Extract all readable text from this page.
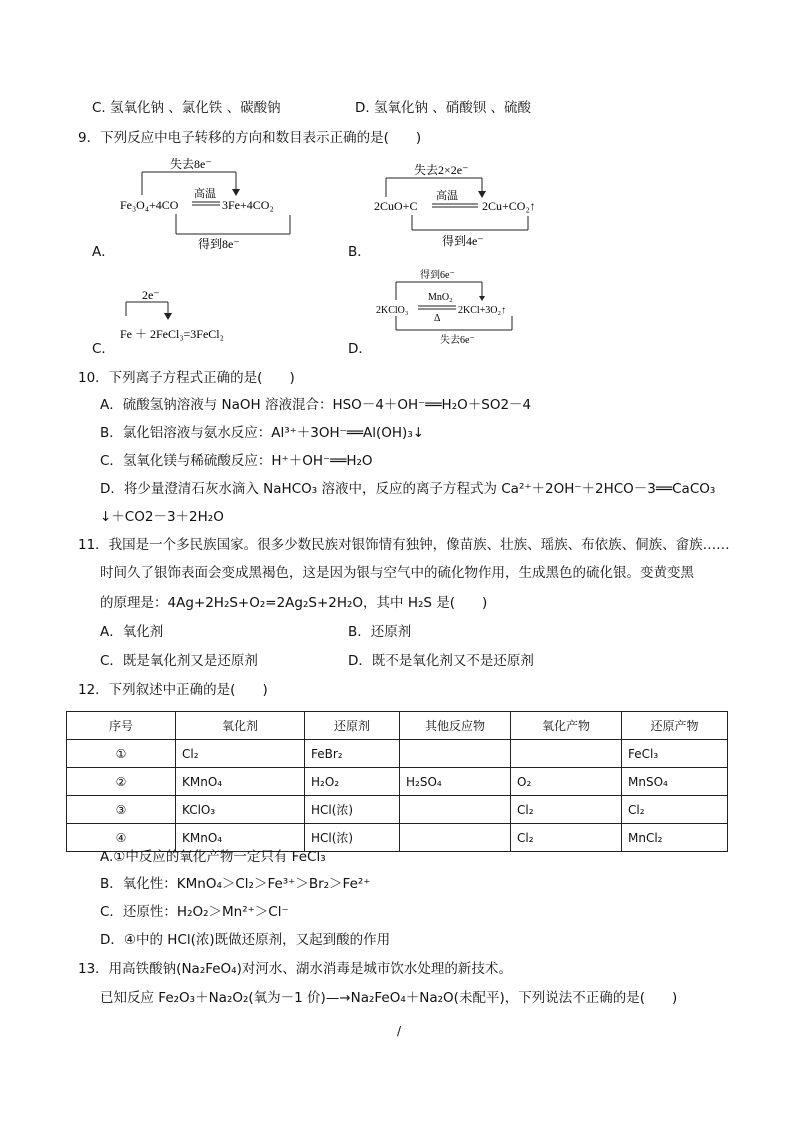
C. 氢氧化钠 、氯化铁 、碳酸钠	D. 氢氧化钠 、硝酸钡 、硫酸
9．下列反应中电子转移的方向和数目表示正确的是(　　)
失去8e⁻
Fe₃O₄+4CO
高温
3Fe+4CO₂
得到8e⁻
A．
失去2×2e⁻
2CuO+C
高温
2Cu+CO₂↑
得到4e⁻
B．
2e⁻
Fe ＋ 2FeCl₃=3FeCl₂
C．
得到6e⁻
2KClO₃
MnO₂
Δ
2KCl+3O₂↑
失去6e⁻
D．
10．下列离子方程式正确的是(　　)
A．硫酸氢钠溶液与 NaOH 溶液混合：HSO－4＋OH⁻══H₂O＋SO2－4
B．氯化铝溶液与氨水反应：Al³⁺＋3OH⁻══Al(OH)₃↓
C．氢氧化镁与稀硫酸反应：H⁺＋OH⁻══H₂O
D．将少量澄清石灰水滴入 NaHCO₃ 溶液中，反应的离子方程式为 Ca²⁺＋2OH⁻＋2HCO－3══CaCO₃
↓＋CO2－3＋2H₂O
11．我国是一个多民族国家。很多少数民族对银饰情有独钟，像苗族、壮族、瑶族、布依族、侗族、畲族……
时间久了银饰表面会变成黑褐色，这是因为银与空气中的硫化物作用，生成黑色的硫化银。变黄变黑
的原理是：4Ag+2H₂S+O₂=2Ag₂S+2H₂O，其中 H₂S 是(　　)
A．氧化剂	B．还原剂
C．既是氧化剂又是还原剂	D．既不是氧化剂又不是还原剂
12．下列叙述中正确的是(　　)
序号	氧化剂	还原剂	其他反应物	氧化产物	还原产物
①	Cl₂	FeBr₂			FeCl₃
②	KMnO₄	H₂O₂	H₂SO₄	O₂	MnSO₄
③	KClO₃	HCl(浓)		Cl₂	Cl₂
④	KMnO₄	HCl(浓)		Cl₂	MnCl₂
A.①中反应的氧化产物一定只有 FeCl₃
B．氧化性：KMnO₄＞Cl₂＞Fe³⁺＞Br₂＞Fe²⁺
C．还原性：H₂O₂＞Mn²⁺＞Cl⁻
D．④中的 HCl(浓)既做还原剂，又起到酸的作用
13．用高铁酸钠(Na₂FeO₄)对河水、湖水消毒是城市饮水处理的新技术。
已知反应 Fe₂O₃＋Na₂O₂(氧为－1 价)—→Na₂FeO₄＋Na₂O(未配平)，下列说法不正确的是(　　)
/
